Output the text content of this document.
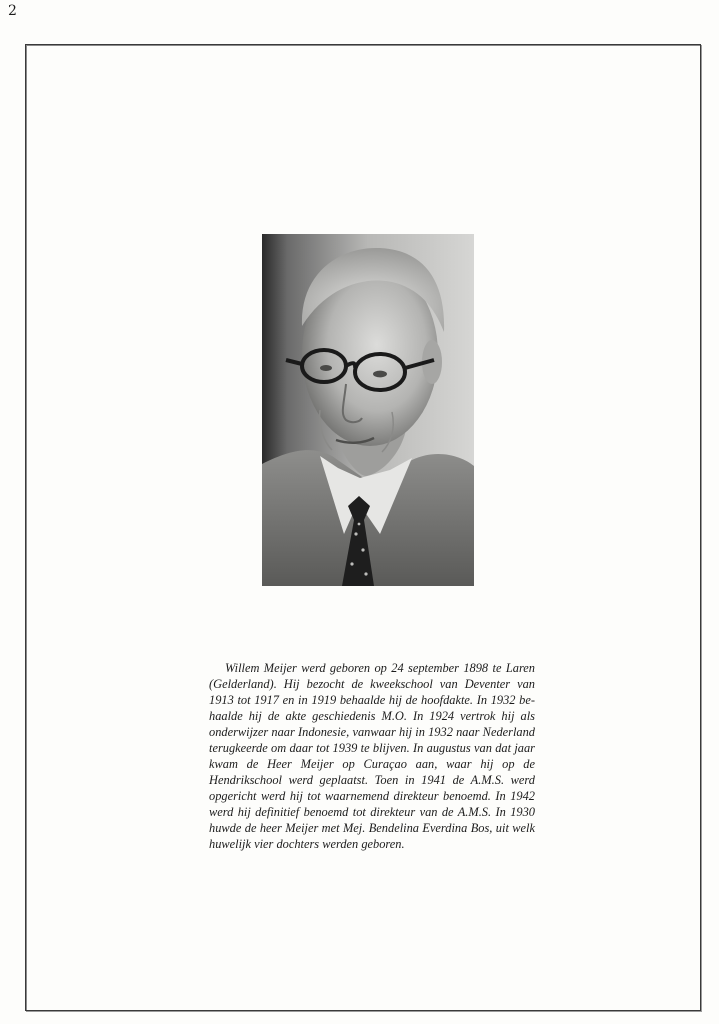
2

Willem Meijer werd geboren op 24 september 1898 te Laren (Gelderland). Hij bezocht de kweekschool van Deventer van 1913 tot 1917 en in 1919 behaalde hij de hoofdakte. In 1932 behaalde hij de akte geschiedenis M.O. In 1924 vertrok hij als onderwijzer naar Indonesie, vanwaar hij in 1932 naar Nederland terugkeerde om daar tot 1939 te blijven. In augustus van dat jaar kwam de Heer Meijer op Curaçao aan, waar hij op de Hendrikschool werd geplaatst. Toen in 1941 de A.M.S. werd opgericht werd hij tot waarnemend direkteur benoemd. In 1942 werd hij definitief benoemd tot direkteur van de A.M.S. In 1930 huwde de heer Meijer met Mej. Bendelina Everdina Bos, uit welk huwelijk vier dochters werden geboren.
